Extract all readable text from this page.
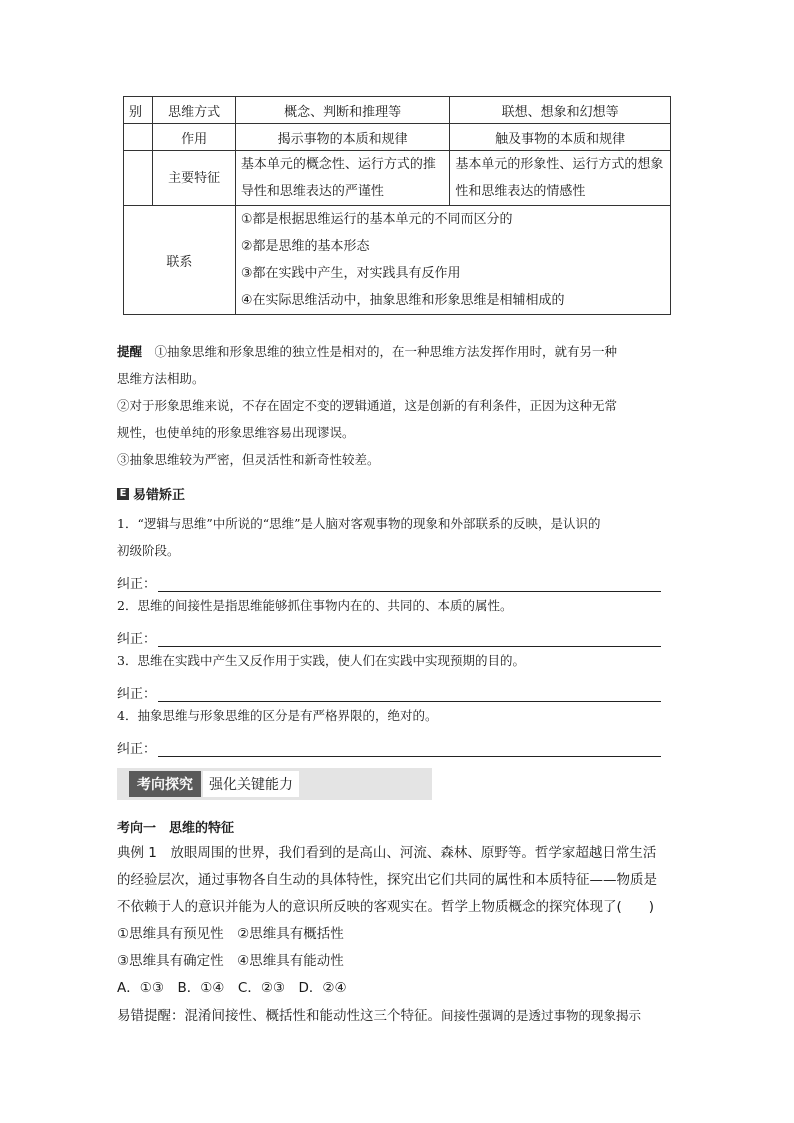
别	思维方式	概念、判断和推理等	联想、想象和幻想等
	作用	揭示事物的本质和规律	触及事物的本质和规律
	主要特征	基本单元的概念性、运行方式的推导性和思维表达的严谨性	基本单元的形象性、运行方式的想象性和思维表达的情感性
联系		①都是根据思维运行的基本单元的不同而区分的
②都是思维的基本形态
③都在实践中产生，对实践具有反作用
④在实际思维活动中，抽象思维和形象思维是相辅相成的	
提醒　 ①抽象思维和形象思维的独立性是相对的，在一种思维方法发挥作用时，就有另一种
思维方法相助。
②对于形象思维来说，不存在固定不变的逻辑通道，这是创新的有利条件，正因为这种无常
规性，也使单纯的形象思维容易出现谬误。
③抽象思维较为严密，但灵活性和新奇性较差。
E 易错矫正
1．“逻辑与思维”中所说的“思维”是人脑对客观事物的现象和外部联系的反映，是认识的
初级阶段。
纠正：
2．思维的间接性是指思维能够抓住事物内在的、共同的、本质的属性。
纠正：
3．思维在实践中产生又反作用于实践，使人们在实践中实现预期的目的。
纠正：
4．抽象思维与形象思维的区分是有严格界限的，绝对的。
纠正：
考向探究	强化关键能力
考向一　 思维的特征
典例 1　 放眼周围的世界，我们看到的是高山、河流、森林、原野等。哲学家超越日常生活
的经验层次，通过事物各自生动的具体特性，探究出它们共同的属性和本质特征——物质是
不依赖于人的意识并能为人的意识所反映的客观实在。哲学上物质概念的探究体现了(　　)
①思维具有预见性　②思维具有概括性
③思维具有确定性　④思维具有能动性
A．①③　B．①④　C．②③　D．②④
易错提醒：混淆间接性、概括性和能动性这三个特征。间接性强调的是透过事物的现象揭示
